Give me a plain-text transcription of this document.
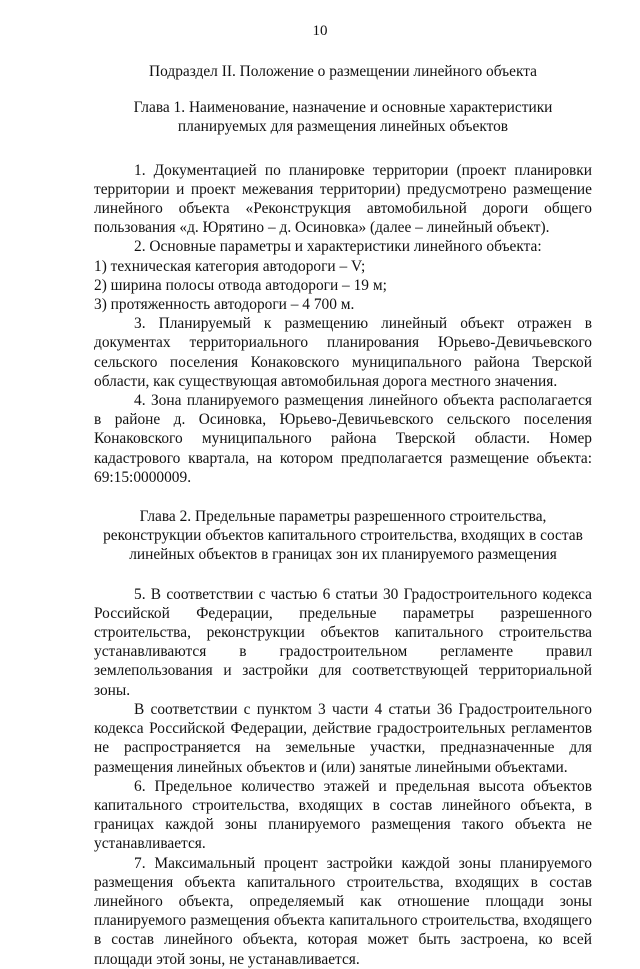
10
Подраздел II. Положение о размещении линейного объекта
Глава 1. Наименование, назначение и основные характеристики планируемых для размещения линейных объектов

1. Документацией по планировке территории (проект планировки территории и проект межевания территории) предусмотрено размещение линейного объекта «Реконструкция автомобильной дороги общего пользования «д. Юрятино – д. Осиновка» (далее – линейный объект).

2. Основные параметры и характеристики линейного объекта:

1) техническая категория автодороги – V;

2) ширина полосы отвода автодороги – 19 м;

3) протяженность автодороги – 4 700 м.

3. Планируемый к размещению линейный объект отражен в документах территориального планирования Юрьево-Девичьевского сельского поселения Конаковского муниципального района Тверской области, как существующая автомобильная дорога местного значения.

4. Зона планируемого размещения линейного объекта располагается в районе д. Осиновка, Юрьево-Девичьевского сельского поселения Конаковского муниципального района Тверской области. Номер кадастрового квартала, на котором предполагается размещение объекта: 69:15:0000009.

Глава 2. Предельные параметры разрешенного строительства, реконструкции объектов капитального строительства, входящих в состав линейных объектов в границах зон их планируемого размещения

5. В соответствии с частью 6 статьи 30 Градостроительного кодекса Российской Федерации, предельные параметры разрешенного строительства, реконструкции объектов капитального строительства устанавливаются в градостроительном регламенте правил землепользования и застройки для соответствующей территориальной зоны.

В соответствии с пунктом 3 части 4 статьи 36 Градостроительного кодекса Российской Федерации, действие градостроительных регламентов не распространяется на земельные участки, предназначенные для размещения линейных объектов и (или) занятые линейными объектами.

6. Предельное количество этажей и предельная высота объектов капитального строительства, входящих в состав линейного объекта, в границах каждой зоны планируемого размещения такого объекта не устанавливается.

7. Максимальный процент застройки каждой зоны планируемого размещения объекта капитального строительства, входящих в состав линейного объекта, определяемый как отношение площади зоны планируемого размещения объекта капитального строительства, входящего в состав линейного объекта, которая может быть застроена, ко всей площади этой зоны, не устанавливается.
